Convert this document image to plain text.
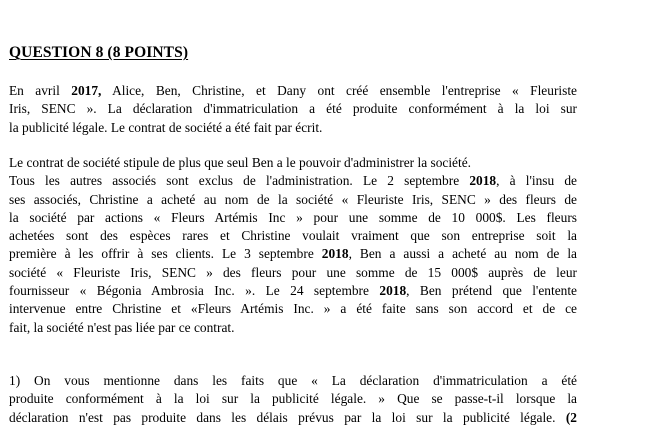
QUESTION 8 (8 POINTS)
En avril 2017, Alice, Ben, Christine, et Dany ont créé ensemble l'entreprise « Fleuriste
Iris, SENC ». La déclaration d'immatriculation a été produite conformément à la loi sur
la publicité légale. Le contrat de société a été fait par écrit.
Le contrat de société stipule de plus que seul Ben a le pouvoir d'administrer la société.
Tous les autres associés sont exclus de l'administration. Le 2 septembre 2018, à l'insu de
ses associés, Christine a acheté au nom de la société « Fleuriste Iris, SENC » des fleurs de
la société par actions « Fleurs Artémis Inc » pour une somme de 10 000$. Les fleurs
achetées sont des espèces rares et Christine voulait vraiment que son entreprise soit la
première à les offrir à ses clients. Le 3 septembre 2018, Ben a aussi a acheté au nom de la
société « Fleuriste Iris, SENC » des fleurs pour une somme de 15 000$ auprès de leur
fournisseur « Bégonia Ambrosia Inc. ». Le 24 septembre 2018, Ben prétend que l'entente
intervenue entre Christine et «Fleurs Artémis Inc. » a été faite sans son accord et de ce
fait, la société n'est pas liée par ce contrat.
1) On vous mentionne dans les faits que « La déclaration d'immatriculation a été
produite conformément à la loi sur la publicité légale. » Que se passe-t-il lorsque la
déclaration n'est pas produite dans les délais prévus par la loi sur la publicité légale. (2
